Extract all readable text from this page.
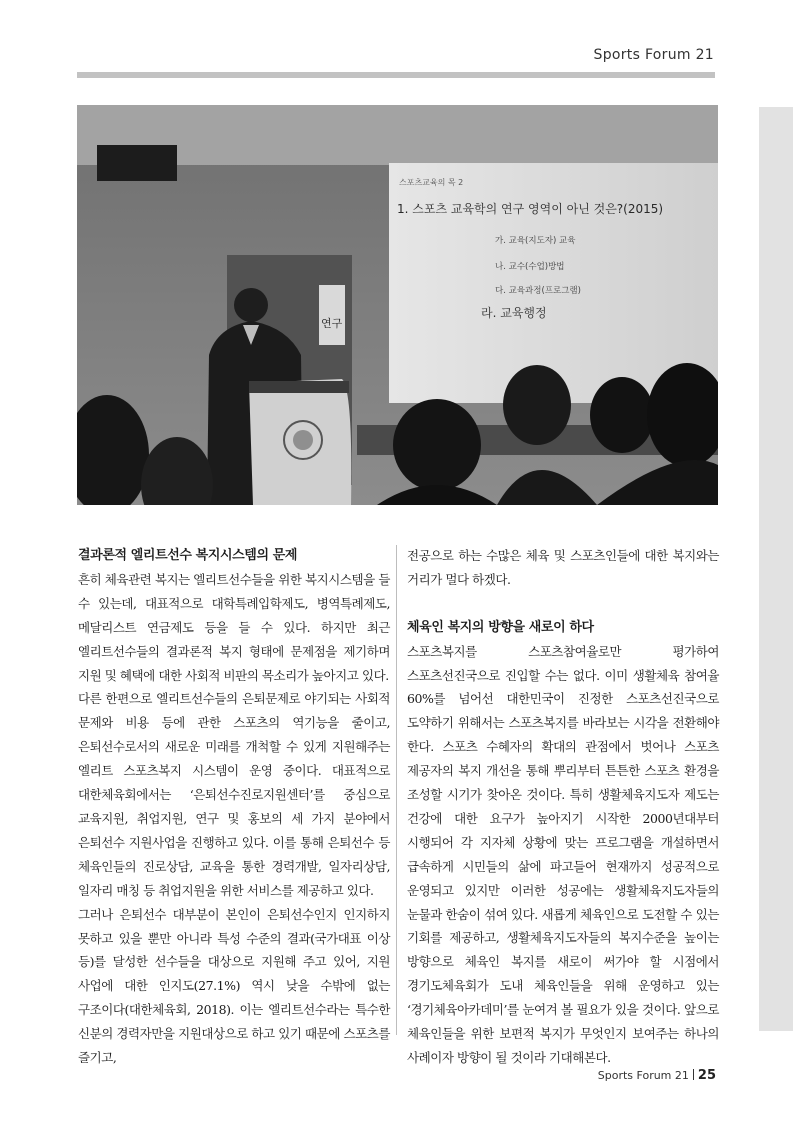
Sports Forum 21
연구
스포츠교육의 목 2
1. 스포츠 교육학의 연구 영역이 아닌 것은?(2015)
가. 교육(지도자) 교육
나. 교수(수업)방법
다. 교육과정(프로그램)
라. 교육행정

결과론적 엘리트선수 복지시스템의 문제

흔히 체육관련 복지는 엘리트선수들을 위한 복지시스템을 들 수 있는데, 대표적으로 대학특례입학제도, 병역특례제도, 메달리스트 연금제도 등을 들 수 있다. 하지만 최근 엘리트선수들의 결과론적 복지 형태에 문제점을 제기하며 지원 및 혜택에 대한 사회적 비판의 목소리가 높아지고 있다.

다른 한편으로 엘리트선수들의 은퇴문제로 야기되는 사회적 문제와 비용 등에 관한 스포츠의 역기능을 줄이고, 은퇴선수로서의 새로운 미래를 개척할 수 있게 지원해주는 엘리트 스포츠복지 시스템이 운영 중이다. 대표적으로 대한체육회에서는 ‘은퇴선수진로지원센터’를 중심으로 교육지원, 취업지원, 연구 및 홍보의 세 가지 분야에서 은퇴선수 지원사업을 진행하고 있다. 이를 통해 은퇴선수 등 체육인들의 진로상담, 교육을 통한 경력개발, 일자리상담, 일자리 매칭 등 취업지원을 위한 서비스를 제공하고 있다.

그러나 은퇴선수 대부분이 본인이 은퇴선수인지 인지하지 못하고 있을 뿐만 아니라 특성 수준의 결과(국가대표 이상 등)를 달성한 선수들을 대상으로 지원해 주고 있어, 지원 사업에 대한 인지도(27.1%) 역시 낮을 수밖에 없는 구조이다(대한체육회, 2018). 이는 엘리트선수라는 특수한 신분의 경력자만을 지원대상으로 하고 있기 때문에 스포츠를 즐기고,

전공으로 하는 수많은 체육 및 스포츠인들에 대한 복지와는 거리가 멀다 하겠다.

체육인 복지의 방향을 새로이 하다

스포츠복지를 스포츠참여율로만 평가하여 스포츠선진국으로 진입할 수는 없다. 이미 생활체육 참여율 60%를 넘어선 대한민국이 진정한 스포츠선진국으로 도약하기 위해서는 스포츠복지를 바라보는 시각을 전환해야 한다. 스포츠 수혜자의 확대의 관점에서 벗어나 스포츠 제공자의 복지 개선을 통해 뿌리부터 튼튼한 스포츠 환경을 조성할 시기가 찾아온 것이다. 특히 생활체육지도자 제도는 건강에 대한 요구가 높아지기 시작한 2000년대부터 시행되어 각 지자체 상황에 맞는 프로그램을 개설하면서 급속하게 시민들의 삶에 파고들어 현재까지 성공적으로 운영되고 있지만 이러한 성공에는 생활체육지도자들의 눈물과 한숨이 섞여 있다. 새롭게 체육인으로 도전할 수 있는 기회를 제공하고, 생활체육지도자들의 복지수준을 높이는 방향으로 체육인 복지를 새로이 써가야 할 시점에서 경기도체육회가 도내 체육인들을 위해 운영하고 있는 ‘경기체육아카데미’를 눈여겨 볼 필요가 있을 것이다. 앞으로 체육인들을 위한 보편적 복지가 무엇인지 보여주는 하나의 사례이자 방향이 될 것이라 기대해본다.

Sports Forum 21 25
